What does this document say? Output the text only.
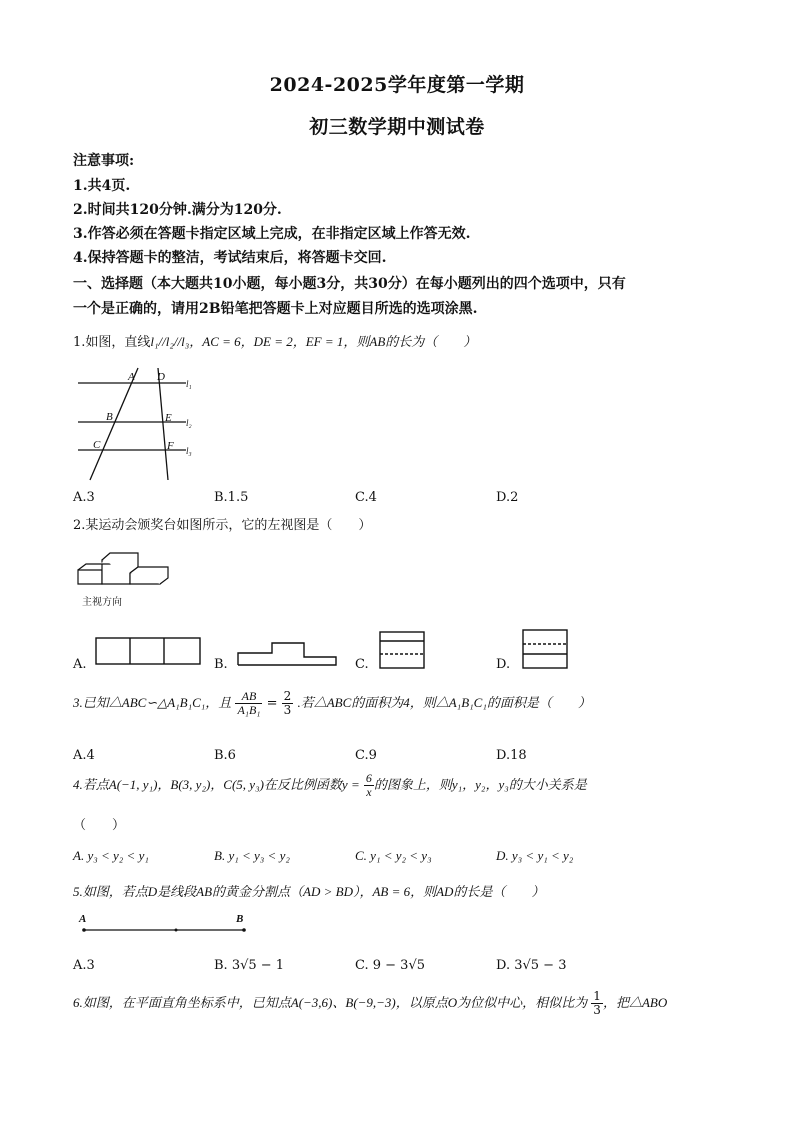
2024-2025学年度第一学期
初三数学期中测试卷
注意事项:
1.共4页.
2.时间共120分钟.满分为120分.
3.作答必须在答题卡指定区域上完成，在非指定区域上作答无效.
4.保持答题卡的整洁，考试结束后，将答题卡交回.
一、选择题（本大题共10小题，每小题3分，共30分）在每小题列出的四个选项中，只有
一个是正确的，请用2B铅笔把答题卡上对应题目所选的选项涂黑.
1.如图，直线l₁//l₂//l₃，AC = 6，DE = 2，EF = 1，则AB的长为（　　）
A D
B	E
C	F
l₁
l₂
l₃
A.3	B.1.5	C.4	D.2
2.某运动会颁奖台如图所示，它的左视图是（　　）
主视方向
A.	B.	C.	D.
3.已知△ABC∽△A₁B₁C₁，且 $\frac{AB}{\text{A₁B₁}} = \frac{2}{3}$ .若△ABC的面积为4，则△A₁B₁C₁的面积是（　　）
A.4	B.6	C.9	D.18
4.若点A(−1, y₁)，B(3, y₂)，C(5, y₃)在反比例函数$y = \frac{6}{x}$ 的图象上，则y₁，y₂，y₃的大小关系是
（　　）
A. y₃ < y₂ < y₁	B. y₁ < y₃ < y₂	C. y₁ < y₂ < y₃	D. y₃ < y₁ < y₂
5.如图，若点D是线段AB的黄金分割点（AD > BD），AB = 6，则AD的长是（　　）
A	B
A.3	B. 3√5 − 1	C. 9 − 3√5	D. 3√5 − 3
6.如图，在平面直角坐标系中，已知点A(−3,6)、B(−9,−3)，以原点O为位似中心，相似比为 $\frac{1}{3}$ ，把△ABO
